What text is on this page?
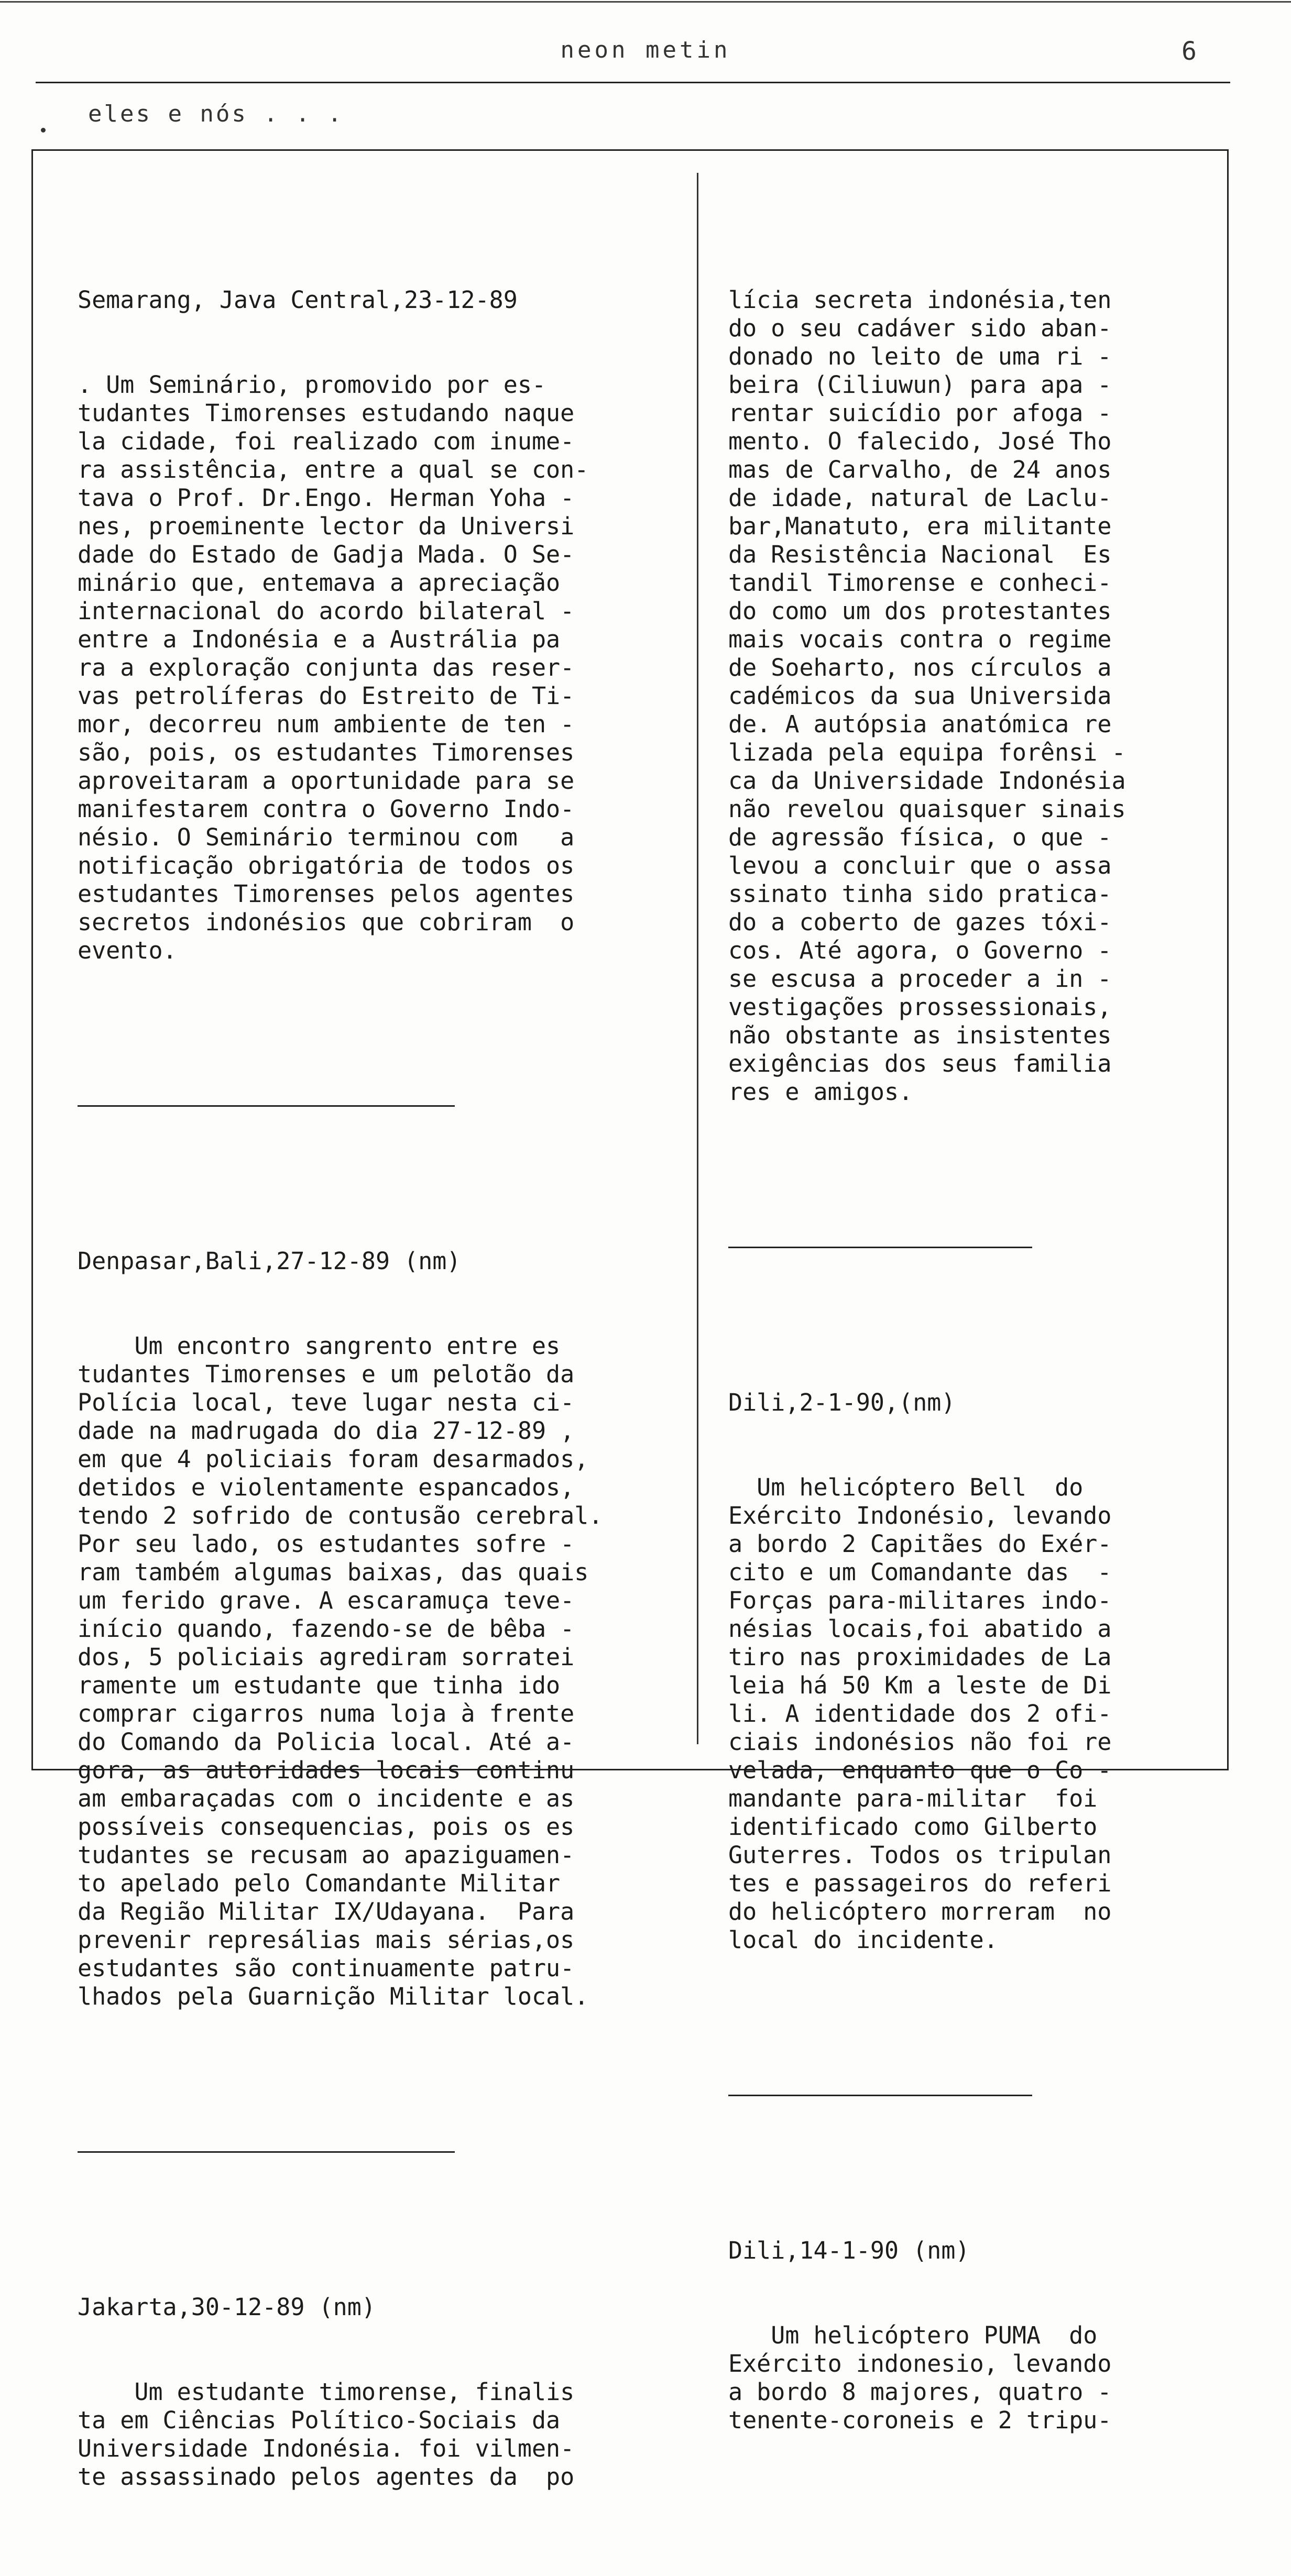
neon metin	6
eles e nós . . .

Semarang, Java Central,23-12-89

. Um Seminário, promovido por es-
tudantes Timorenses estudando naque
la cidade, foi realizado com inume-
ra assistência, entre a qual se con-
tava o Prof. Dr.Engo. Herman Yoha -
nes, proeminente lector da Universi
dade do Estado de Gadja Mada. O Se-
minário que, entemava a apreciação
internacional do acordo bilateral -
entre a Indonésia e a Austrália pa
ra a exploração conjunta das reser-
vas petrolíferas do Estreito de Ti-
mor, decorreu num ambiente de ten -
são, pois, os estudantes Timorenses
aproveitaram a oportunidade para se
manifestarem contra o Governo Indo-
nésio. O Seminário terminou com   a
notificação obrigatória de todos os
estudantes Timorenses pelos agentes
secretos indonésios que cobriram  o
evento.

Denpasar,Bali,27-12-89 (nm)

Um encontro sangrento entre es
tudantes Timorenses e um pelotão da
Polícia local, teve lugar nesta ci-
dade na madrugada do dia 27-12-89 ,
em que 4 policiais foram desarmados,
detidos e violentamente espancados,
tendo 2 sofrido de contusão cerebral.
Por seu lado, os estudantes sofre -
ram também algumas baixas, das quais
um ferido grave. A escaramuça teve-
início quando, fazendo-se de bêba -
dos, 5 policiais agrediram sorratei
ramente um estudante que tinha ido
comprar cigarros numa loja à frente
do Comando da Policia local. Até a-
gora, as autoridades locais continu
am embaraçadas com o incidente e as
possíveis consequencias, pois os es
tudantes se recusam ao apaziguamen-
to apelado pelo Comandante Militar
da Região Militar IX/Udayana.  Para
prevenir represálias mais sérias,os
estudantes são continuamente patru-
lhados pela Guarnição Militar local.

Jakarta,30-12-89 (nm)

Um estudante timorense, finalis
ta em Ciências Político-Sociais da
Universidade Indonésia. foi vilmen-
te assassinado pelos agentes da  po

lícia secreta indonésia,ten
do o seu cadáver sido aban-
donado no leito de uma ri -
beira (Ciliuwun) para apa -
rentar suicídio por afoga -
mento. O falecido, José Tho
mas de Carvalho, de 24 anos
de idade, natural de Laclu-
bar,Manatuto, era militante
da Resistência Nacional  Es
tandil Timorense e conheci-
do como um dos protestantes
mais vocais contra o regime
de Soeharto, nos círculos a
cadémicos da sua Universida
de. A autópsia anatómica re
lizada pela equipa forênsi -
ca da Universidade Indonésia
não revelou quaisquer sinais
de agressão física, o que -
levou a concluir que o assa
ssinato tinha sido pratica-
do a coberto de gazes tóxi-
cos. Até agora, o Governo -
se escusa a proceder a in -
vestigações prossessionais,
não obstante as insistentes
exigências dos seus familia
res e amigos.

Dili,2-1-90,(nm)

Um helicóptero Bell  do
Exército Indonésio, levando
a bordo 2 Capitães do Exér-
cito e um Comandante das  -
Forças para-militares indo-
nésias locais,foi abatido a
tiro nas proximidades de La
leia há 50 Km a leste de Di
li. A identidade dos 2 ofi-
ciais indonésios não foi re
velada, enquanto que o Co -
mandante para-militar  foi
identificado como Gilberto
Guterres. Todos os tripulan
tes e passageiros do referi
do helicóptero morreram  no
local do incidente.

Dili,14-1-90 (nm)

Um helicóptero PUMA  do
Exército indonesio, levando
a bordo 8 majores, quatro -
tenente-coroneis e 2 tripu-
